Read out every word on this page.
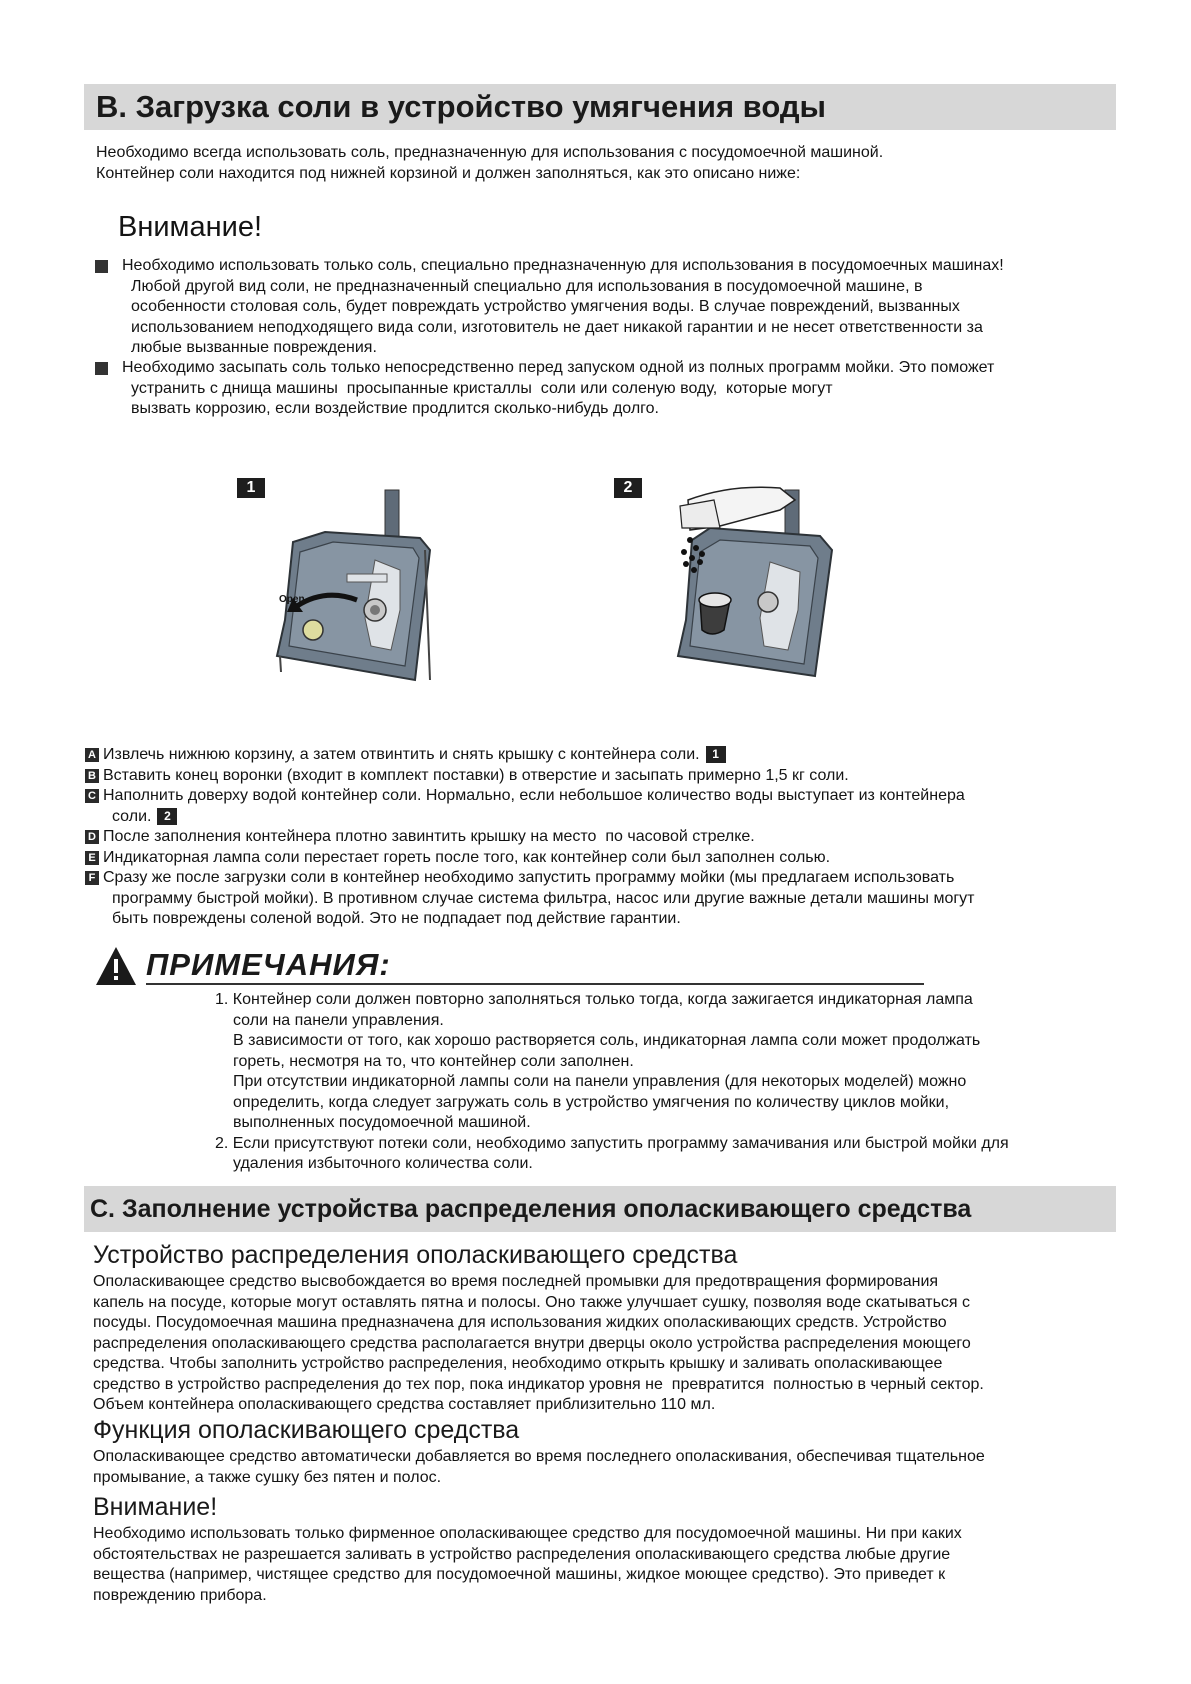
B. Загрузка соли в устройство умягчения воды
Необходимо всегда использовать соль, предназначенную для использования с посудомоечной машиной.
Контейнер соли находится под нижней корзиной и должен заполняться, как это описано ниже:
Внимание!
Необходимо использовать только соль, специально предназначенную для использования в посудомоечных машинах!
Любой другой вид соли, не предназначенный специально для использования в посудомоечной машине, в
особенности столовая соль, будет повреждать устройство умягчения воды. В случае повреждений, вызванных
использованием неподходящего вида соли, изготовитель не дает никакой гарантии и не несет ответственности за
любые вызванные повреждения.
Необходимо засыпать соль только непосредственно перед запуском одной из полных программ мойки. Это поможет
устранить с днища машины  просыпанные кристаллы  соли или соленую воду,  которые могут
вызвать коррозию, если воздействие продлится сколько-нибудь долго.
1
Open
2
A Извлечь нижнюю корзину, а затем отвинтить и снять крышку с контейнера соли. 1
B Вставить конец воронки (входит в комплект поставки) в отверстие и засыпать примерно 1,5 кг соли.
C Наполнить доверху водой контейнер соли. Нормально, если небольшое количество воды выступает из контейнера
соли. 2
D После заполнения контейнера плотно завинтить крышку на место  по часовой стрелке.
E Индикаторная лампа соли перестает гореть после того, как контейнер соли был заполнен солью.
F Сразу же после загрузки соли в контейнер необходимо запустить программу мойки (мы предлагаем использовать
программу быстрой мойки). В противном случае система фильтра, насос или другие важные детали машины могут
быть повреждены соленой водой. Это не подпадает под действие гарантии.
ПРИМЕЧАНИЯ:
1. Контейнер соли должен повторно заполняться только тогда, когда зажигается индикаторная лампа
соли на панели управления.
В зависимости от того, как хорошо растворяется соль, индикаторная лампа соли может продолжать
гореть, несмотря на то, что контейнер соли заполнен.
При отсутствии индикаторной лампы соли на панели управления (для некоторых моделей) можно
определить, когда следует загружать соль в устройство умягчения по количеству циклов мойки,
выполненных посудомоечной машиной.
2. Если присутствуют потеки соли, необходимо запустить программу замачивания или быстрой мойки для
удаления избыточного количества соли.
C. Заполнение устройства распределения ополаскивающего средства
Устройство распределения ополаскивающего средства
Ополаскивающее средство высвобождается во время последней промывки для предотвращения формирования
капель на посуде, которые могут оставлять пятна и полосы. Оно также улучшает сушку, позволяя воде скатываться с
посуды. Посудомоечная машина предназначена для использования жидких ополаскивающих средств. Устройство
распределения ополаскивающего средства располагается внутри дверцы около устройства распределения моющего
средства. Чтобы заполнить устройство распределения, необходимо открыть крышку и заливать ополаскивающее
средство в устройство распределения до тех пор, пока индикатор уровня не  превратится  полностью в черный сектор.
Объем контейнера ополаскивающего средства составляет приблизительно 110 мл.
Функция ополаскивающего средства
Ополаскивающее средство автоматически добавляется во время последнего ополаскивания, обеспечивая тщательное
промывание, а также сушку без пятен и полос.
Внимание!
Необходимо использовать только фирменное ополаскивающее средство для посудомоечной машины. Ни при каких
обстоятельствах не разрешается заливать в устройство распределения ополаскивающего средства любые другие
вещества (например, чистящее средство для посудомоечной машины, жидкое моющее средство). Это приведет к
повреждению прибора.
